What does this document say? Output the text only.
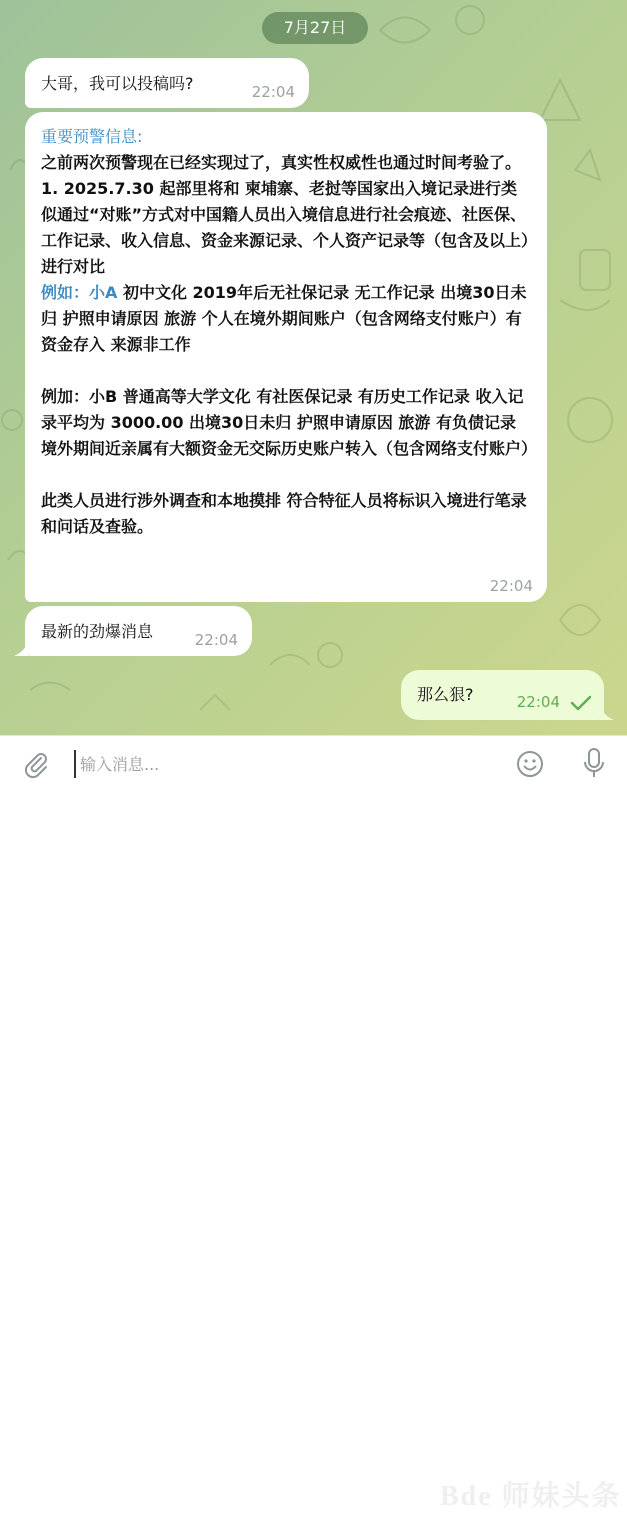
7月27日
大哥，我可以投稿吗?	22:04

重要预警信息:

之前两次预警现在已经实现过了，真实性权威性也通过时间考验了。

1. 2025.7.30 起部里将和 柬埔寨、老挝等国家出入境记录进行类似通过“对账”方式对中国籍人员出入境信息进行社会痕迹、社医保、工作记录、收入信息、资金来源记录、个人资产记录等（包含及以上）进行对比

例如：小A 初中文化 2019年后无社保记录 无工作记录 出境30日未归 护照申请原因 旅游 个人在境外期间账户（包含网络支付账户）有资金存入 来源非工作

例加：小B 普通高等大学文化 有社医保记录 有历史工作记录 收入记录平均为 3000.00 出境30日未归 护照申请原因 旅游 有负债记录 境外期间近亲属有大额资金无交际历史账户转入（包含网络支付账户）

此类人员进行涉外调查和本地摸排 符合特征人员将标识入境进行笔录和问话及查验。

22:04
最新的劲爆消息	22:04
那么狠?	22:04
输入消息...
Bde 师妹头条
